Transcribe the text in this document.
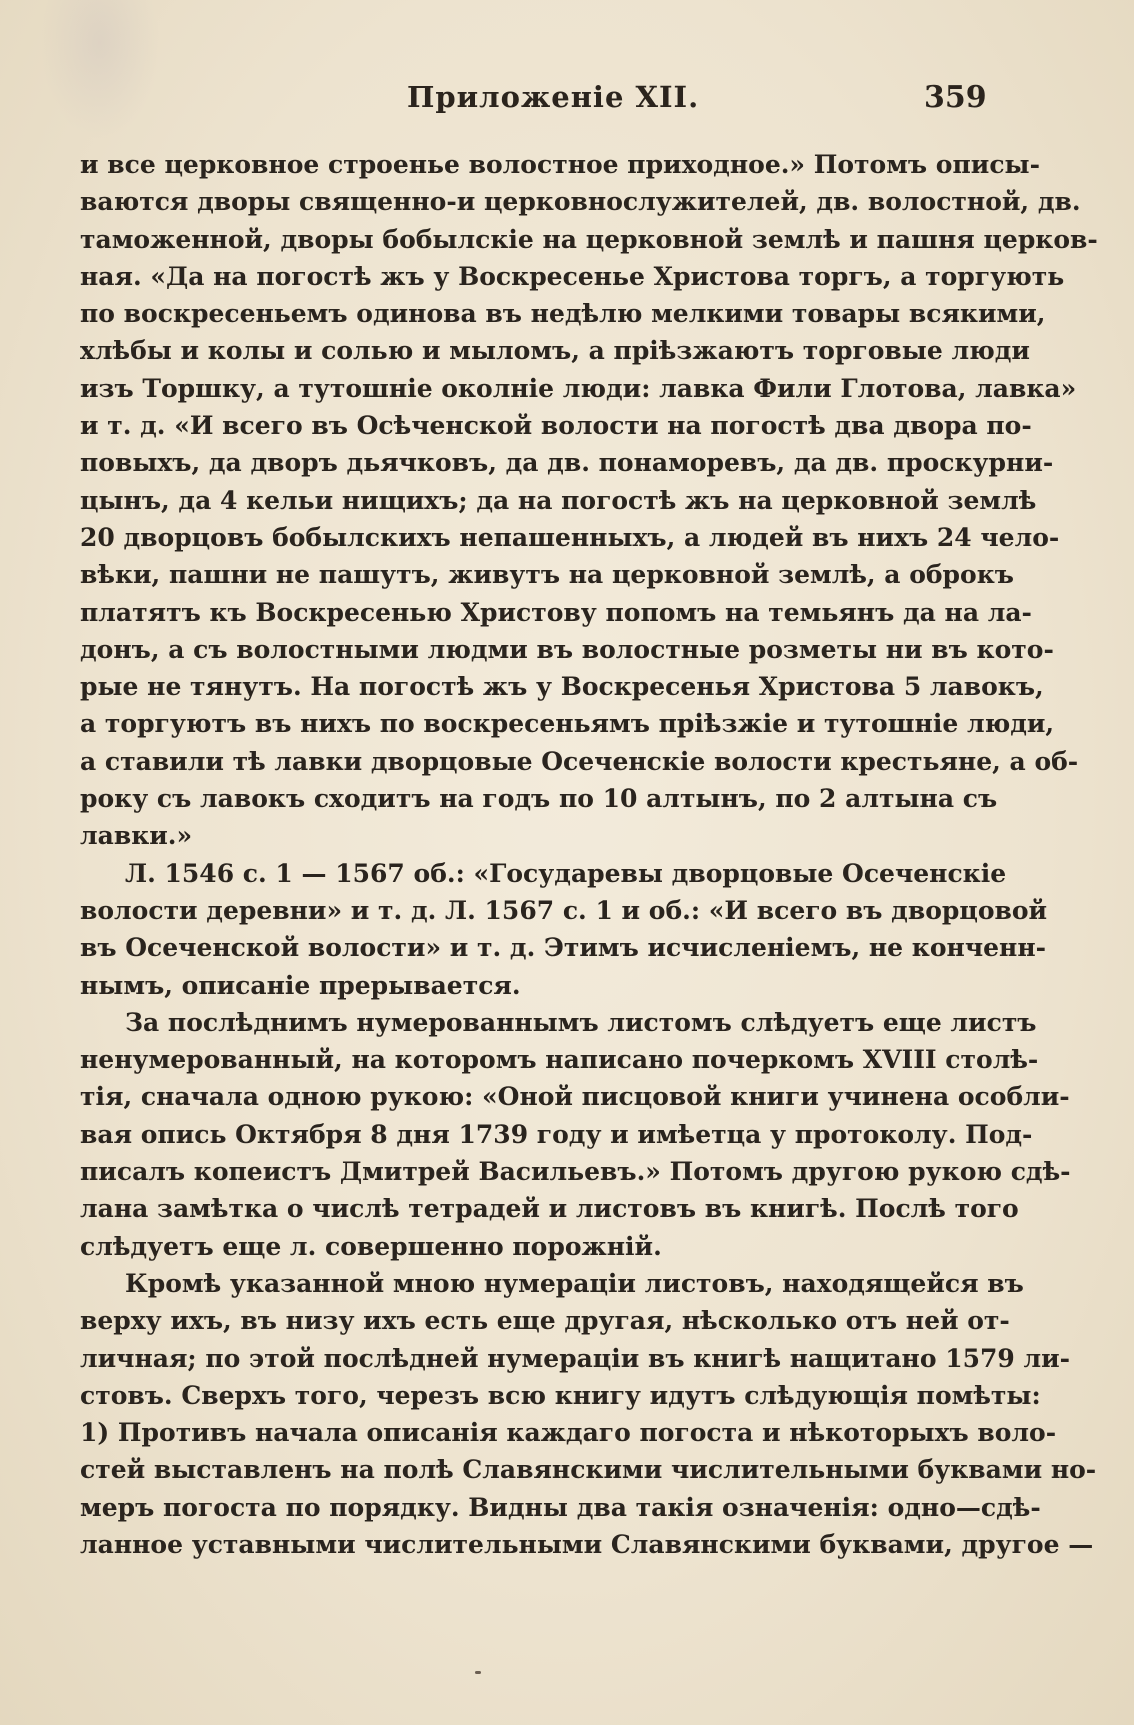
Приложенiе XII.	359
и все церковное строенье волостное приходное.» Потомъ описы-
ваются дворы священно-и церковнослужителей, дв. волостной, дв.
таможенной, дворы бобылскіе на церковной землѣ и пашня церков-
ная. «Да на погостѣ жъ у Воскресенье Христова торгъ, а торгують
по воскресеньемъ одинова въ недѣлю мелкими товары всякими,
хлѣбы и колы и солью и мыломъ, а пріѣзжаютъ торговые люди
изъ Торшку, а тутошніе околніе люди: лавка Фили Глотова, лавка»
и т. д. «И всего въ Осѣченской волости на погостѣ два двора по-
повыхъ, да дворъ дьячковъ, да дв. понаморевъ, да дв. проскурни-
цынъ, да 4 кельи нищихъ; да на погостѣ жъ на церковной землѣ
20 дворцовъ бобылскихъ непашенныхъ, а людей въ нихъ 24 чело-
вѣки, пашни не пашутъ, живутъ на церковной землѣ, а оброкъ
платятъ къ Воскресенью Христову попомъ на темьянъ да на ла-
донъ, а съ волостными людми въ волостные розметы ни въ кото-
рые не тянутъ. На погостѣ жъ у Воскресенья Христова 5 лавокъ,
а торгуютъ въ нихъ по воскресеньямъ пріѣзжіе и тутошніе люди,
а ставили тѣ лавки дворцовые Осеченскіе волости крестьяне, а об-
року съ лавокъ сходитъ на годъ по 10 алтынъ, по 2 алтына съ
лавки.»
Л. 1546 с. 1 — 1567 об.: «Государевы дворцовые Осеченскіе
волости деревни» и т. д. Л. 1567 с. 1 и об.: «И всего въ дворцовой
въ Осеченской волости» и т. д. Этимъ исчисленіемъ, не конченн-
нымъ, описаніе прерывается.
За послѣднимъ нумерованнымъ листомъ слѣдуетъ еще листъ
ненумерованный, на которомъ написано почеркомъ XVIII столѣ-
тія, сначала одною рукою: «Оной писцовой книги учинена особли-
вая опись Октября 8 дня 1739 году и имѣетца у протоколу. Под-
писалъ копеистъ Дмитрей Васильевъ.» Потомъ другою рукою сдѣ-
лана замѣтка о числѣ тетрадей и листовъ въ книгѣ. Послѣ того
слѣдуетъ еще л. совершенно порожній.
Кромѣ указанной мною нумераціи листовъ, находящейся въ
верху ихъ, въ низу ихъ есть еще другая, нѣсколько отъ ней от-
личная; по этой послѣдней нумераціи въ книгѣ нащитано 1579 ли-
стовъ. Сверхъ того, черезъ всю книгу идутъ слѣдующія помѣты:
1) Противъ начала описанія каждаго погоста и нѣкоторыхъ воло-
стей выставленъ на полѣ Славянскими числительными буквами но-
меръ погоста по порядку. Видны два такія означенія: одно—сдѣ-
ланное уставными числительными Славянскими буквами, другое —
